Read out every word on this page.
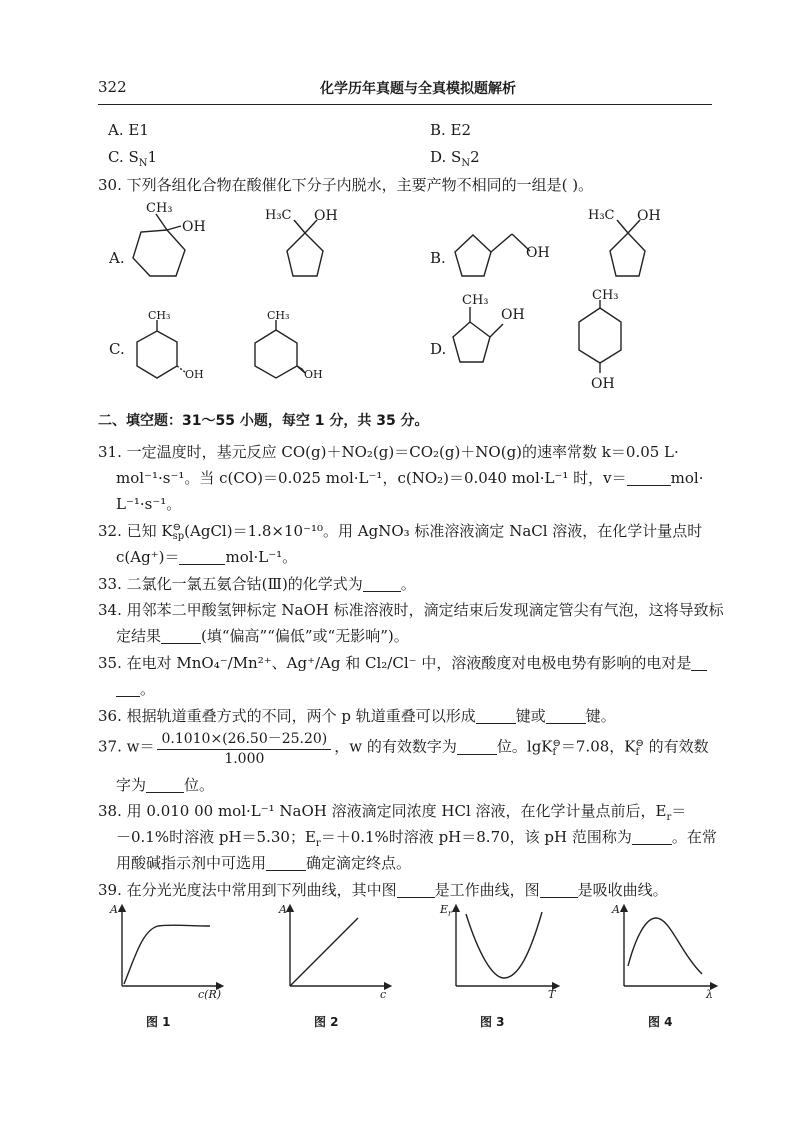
322	化学历年真题与全真模拟题解析
A. E1	B. E2
C. $S_N1$	D. $S_N2$
30. 下列各组化合物在酸催化下分子内脱水，主要产物不相同的一组是( )。
A.	B.
C.	D.
CH₃
OH
H₃C OH
OH
H₃C OH
CH₃
OH
CH₃
OH
CH₃
OH
CH₃
OH
二、填空题：31～55 小题，每空 1 分，共 35 分。
31. 一定温度时，基元反应 CO(g)＋NO₂(g)＝CO₂(g)＋NO(g)的速率常数 k＝0.05 L·
mol⁻¹·s⁻¹。当 c(CO)＝0.025 mol·L⁻¹，c(NO₂)＝0.040 mol·L⁻¹ 时，v＝	mol·
L⁻¹·s⁻¹。
32. 已知 K ⊖
sp (AgCl)＝1.8×10⁻¹⁰。用 AgNO₃ 标准溶液滴定 NaCl 溶液，在化学计量点时
c(Ag⁺)＝	mol·L⁻¹。
33. 二氯化一氯五氨合钴(Ⅲ)的化学式为	。
34. 用邻苯二甲酸氢钾标定 NaOH 标准溶液时，滴定结束后发现滴定管尖有气泡，这将导致标
定结果	(填“偏高”“偏低”或“无影响”)。
35. 在电对 MnO₄⁻/Mn²⁺、Ag⁺/Ag 和 Cl₂/Cl⁻ 中，溶液酸度对电极电势有影响的电对是
。
36. 根据轨道重叠方式的不同，两个 p 轨道重叠可以形成	键或	键。
37. $w= \frac{0.1010\times(26.50-25.20)}{1.000}$ ，w 的有效数字为	位。lgK ⊖
f ＝7.08，K ⊖
f 的有效数
字为	位。
38. 用 0.010 00 mol·L⁻¹ NaOH 溶液滴定同浓度 HCl 溶液，在化学计量点前后，$E_r=$
－0.1%时溶液 pH＝5.30；$E_r=+0.1\%$时溶液 pH＝8.70，该 pH 范围称为	。在常
用酸碱指示剂中可选用	确定滴定终点。
39. 在分光光度法中常用到下列曲线，其中图	是工作曲线，图	是吸收曲线。
A
c(R)
图 1
A
c
图 2
$E_r$
T
图 3
A
λ
图 4
